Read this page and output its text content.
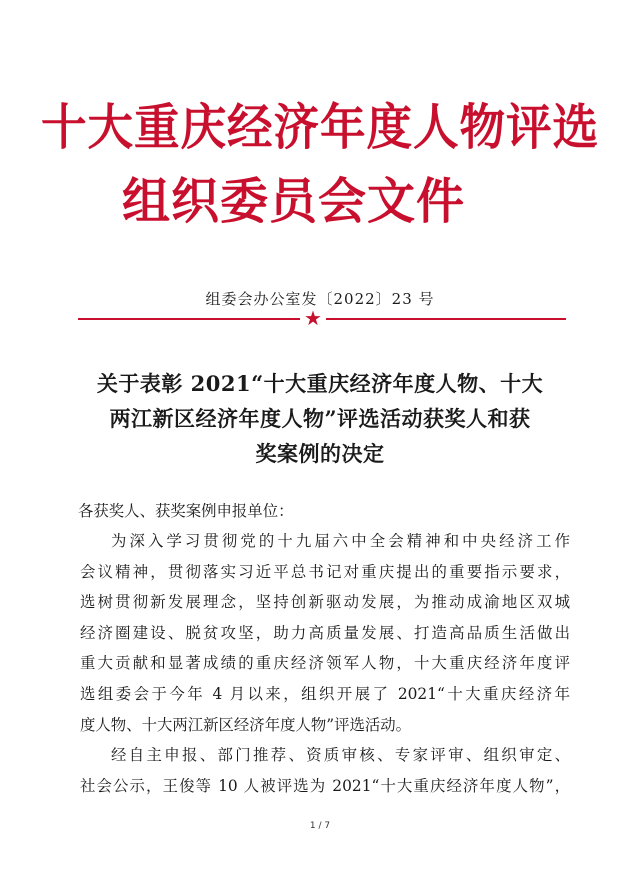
十大重庆经济年度人物评选
组织委员会文件
组委会办公室发〔2022〕23 号
★
关于表彰 2021“十大重庆经济年度人物、十大
两江新区经济年度人物”评选活动获奖人和获
奖案例的决定
各获奖人、获奖案例申报单位：
为深入学习贯彻党的十九届六中全会精神和中央经济工作
会议精神，贯彻落实习近平总书记对重庆提出的重要指示要求，
选树贯彻新发展理念，坚持创新驱动发展，为推动成渝地区双城
经济圈建设、脱贫攻坚，助力高质量发展、打造高品质生活做出
重大贡献和显著成绩的重庆经济领军人物，十大重庆经济年度评
选组委会于今年 4 月以来，组织开展了 2021“十大重庆经济年
度人物、十大两江新区经济年度人物”评选活动。
经自主申报、部门推荐、资质审核、专家评审、组织审定、
社会公示，王俊等 10 人被评选为 2021“十大重庆经济年度人物”，
1 / 7
